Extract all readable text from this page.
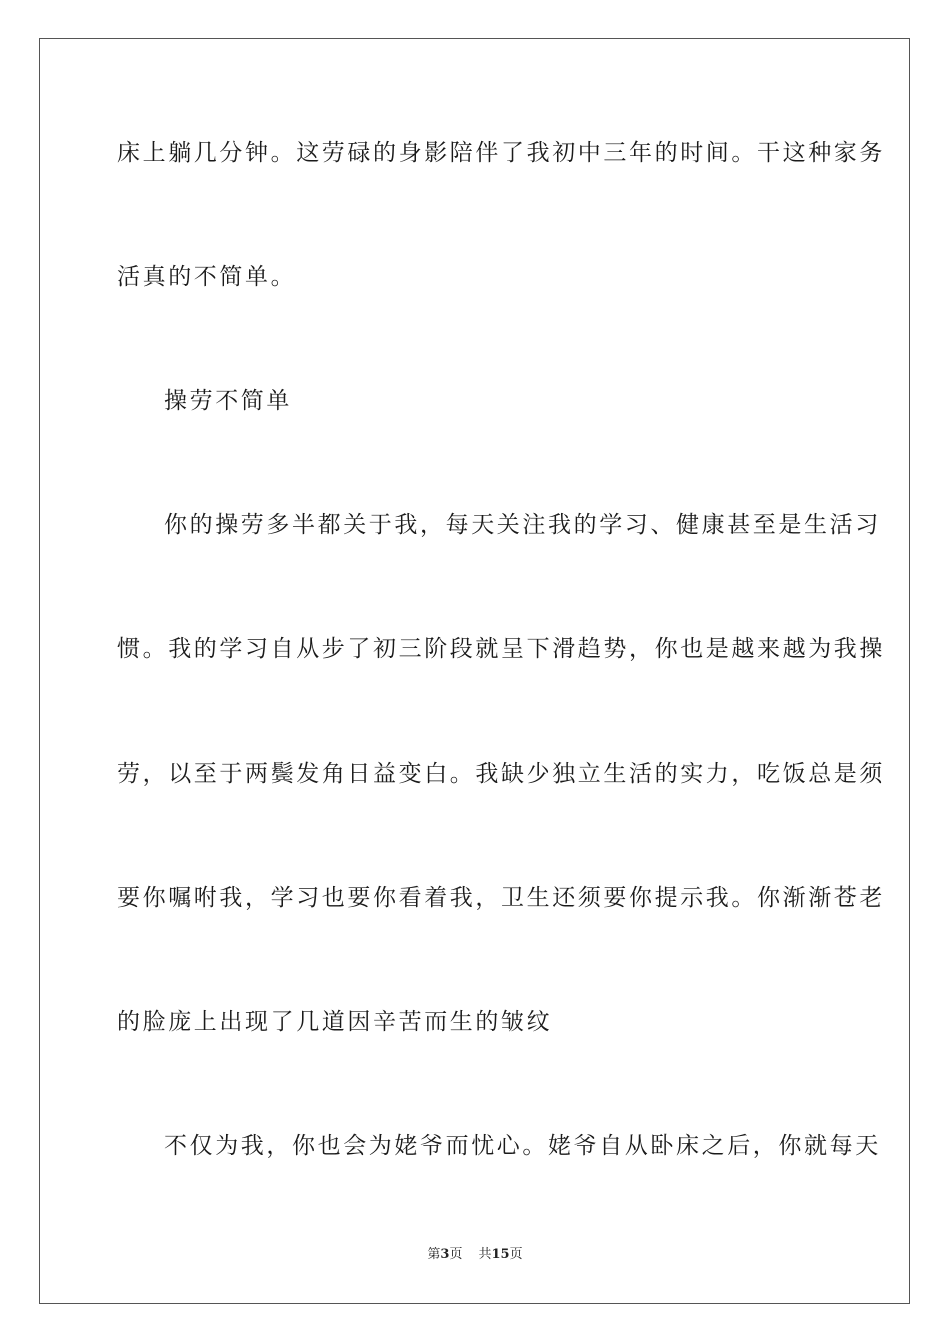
床上躺几分钟。这劳碌的身影陪伴了我初中三年的时间。干这种家务
活真的不简单。
操劳不简单
你的操劳多半都关于我，每天关注我的学习、健康甚至是生活习
惯。我的学习自从步了初三阶段就呈下滑趋势，你也是越来越为我操
劳，以至于两鬓发角日益变白。我缺少独立生活的实力，吃饭总是须
要你嘱咐我，学习也要你看着我，卫生还须要你提示我。你渐渐苍老
的脸庞上出现了几道因辛苦而生的皱纹
不仅为我，你也会为姥爷而忧心。姥爷自从卧床之后，你就每天
第3页 共15页
